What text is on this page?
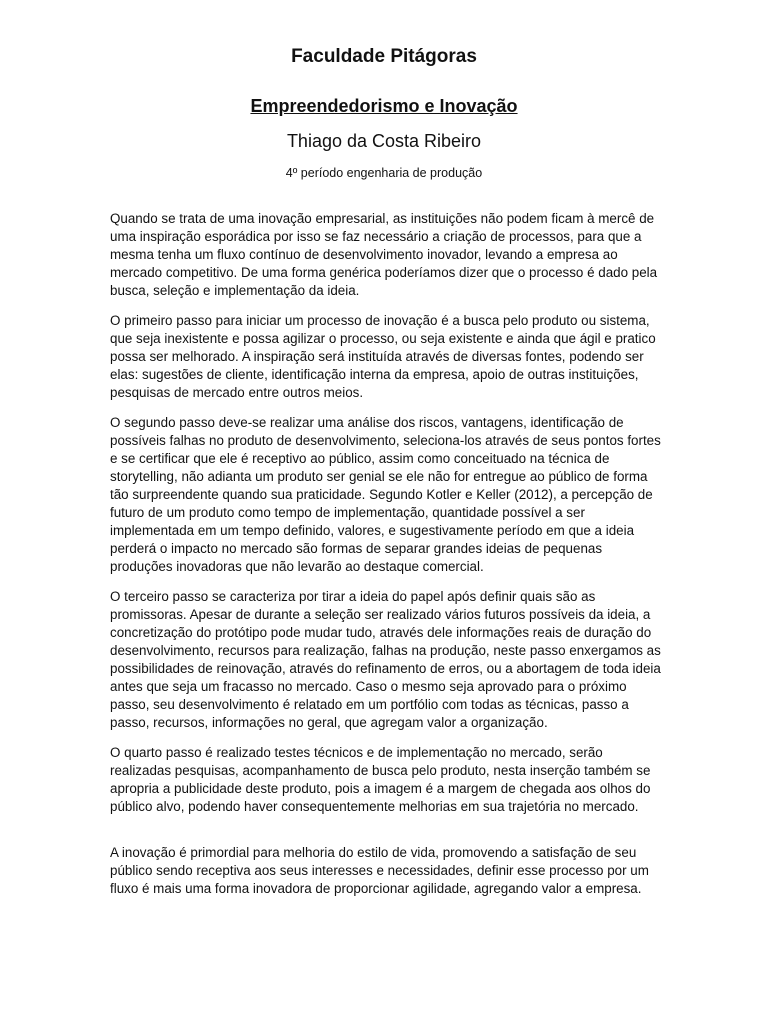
Faculdade Pitágoras
Empreendedorismo e Inovação
Thiago da Costa Ribeiro
4º período engenharia de produção

Quando se trata de uma inovação empresarial, as instituições não podem ficam à mercê de uma inspiração esporádica por isso se faz necessário a criação de processos, para que a mesma tenha um fluxo contínuo de desenvolvimento inovador, levando a empresa ao mercado competitivo. De uma forma genérica poderíamos dizer que o processo é dado pela busca, seleção e implementação da ideia.

O primeiro passo para iniciar um processo de inovação é a busca pelo produto ou sistema, que seja inexistente e possa agilizar o processo, ou seja existente e ainda que ágil e pratico possa ser melhorado. A inspiração será instituída através de diversas fontes, podendo ser elas: sugestões de cliente, identificação interna da empresa, apoio de outras instituições, pesquisas de mercado entre outros meios.

O segundo passo deve-se realizar uma análise dos riscos, vantagens, identificação de possíveis falhas no produto de desenvolvimento, seleciona-los através de seus pontos fortes e se certificar que ele é receptivo ao público, assim como conceituado na técnica de storytelling, não adianta um produto ser genial se ele não for entregue ao público de forma tão surpreendente quando sua praticidade. Segundo Kotler e Keller (2012), a percepção de futuro de um produto como tempo de implementação, quantidade possível a ser implementada em um tempo definido, valores, e sugestivamente período em que a ideia perderá o impacto no mercado são formas de separar grandes ideias de pequenas produções inovadoras que não levarão ao destaque comercial.

O terceiro passo se caracteriza por tirar a ideia do papel após definir quais são as promissoras. Apesar de durante a seleção ser realizado vários futuros possíveis da ideia, a concretização do protótipo pode mudar tudo, através dele informações reais de duração do desenvolvimento, recursos para realização, falhas na produção, neste passo enxergamos as possibilidades de reinovação, através do refinamento de erros, ou a abortagem de toda ideia antes que seja um fracasso no mercado. Caso o mesmo seja aprovado para o próximo passo, seu desenvolvimento é relatado em um portfólio com todas as técnicas, passo a passo, recursos, informações no geral, que agregam valor a organização.

O quarto passo é realizado testes técnicos e de implementação no mercado, serão realizadas pesquisas, acompanhamento de busca pelo produto, nesta inserção também se apropria a publicidade deste produto, pois a imagem é a margem de chegada aos olhos do público alvo, podendo haver consequentemente melhorias em sua trajetória no mercado.

A inovação é primordial para melhoria do estilo de vida, promovendo a satisfação de seu público sendo receptiva aos seus interesses e necessidades, definir esse processo por um fluxo é mais uma forma inovadora de proporcionar agilidade, agregando valor a empresa.
